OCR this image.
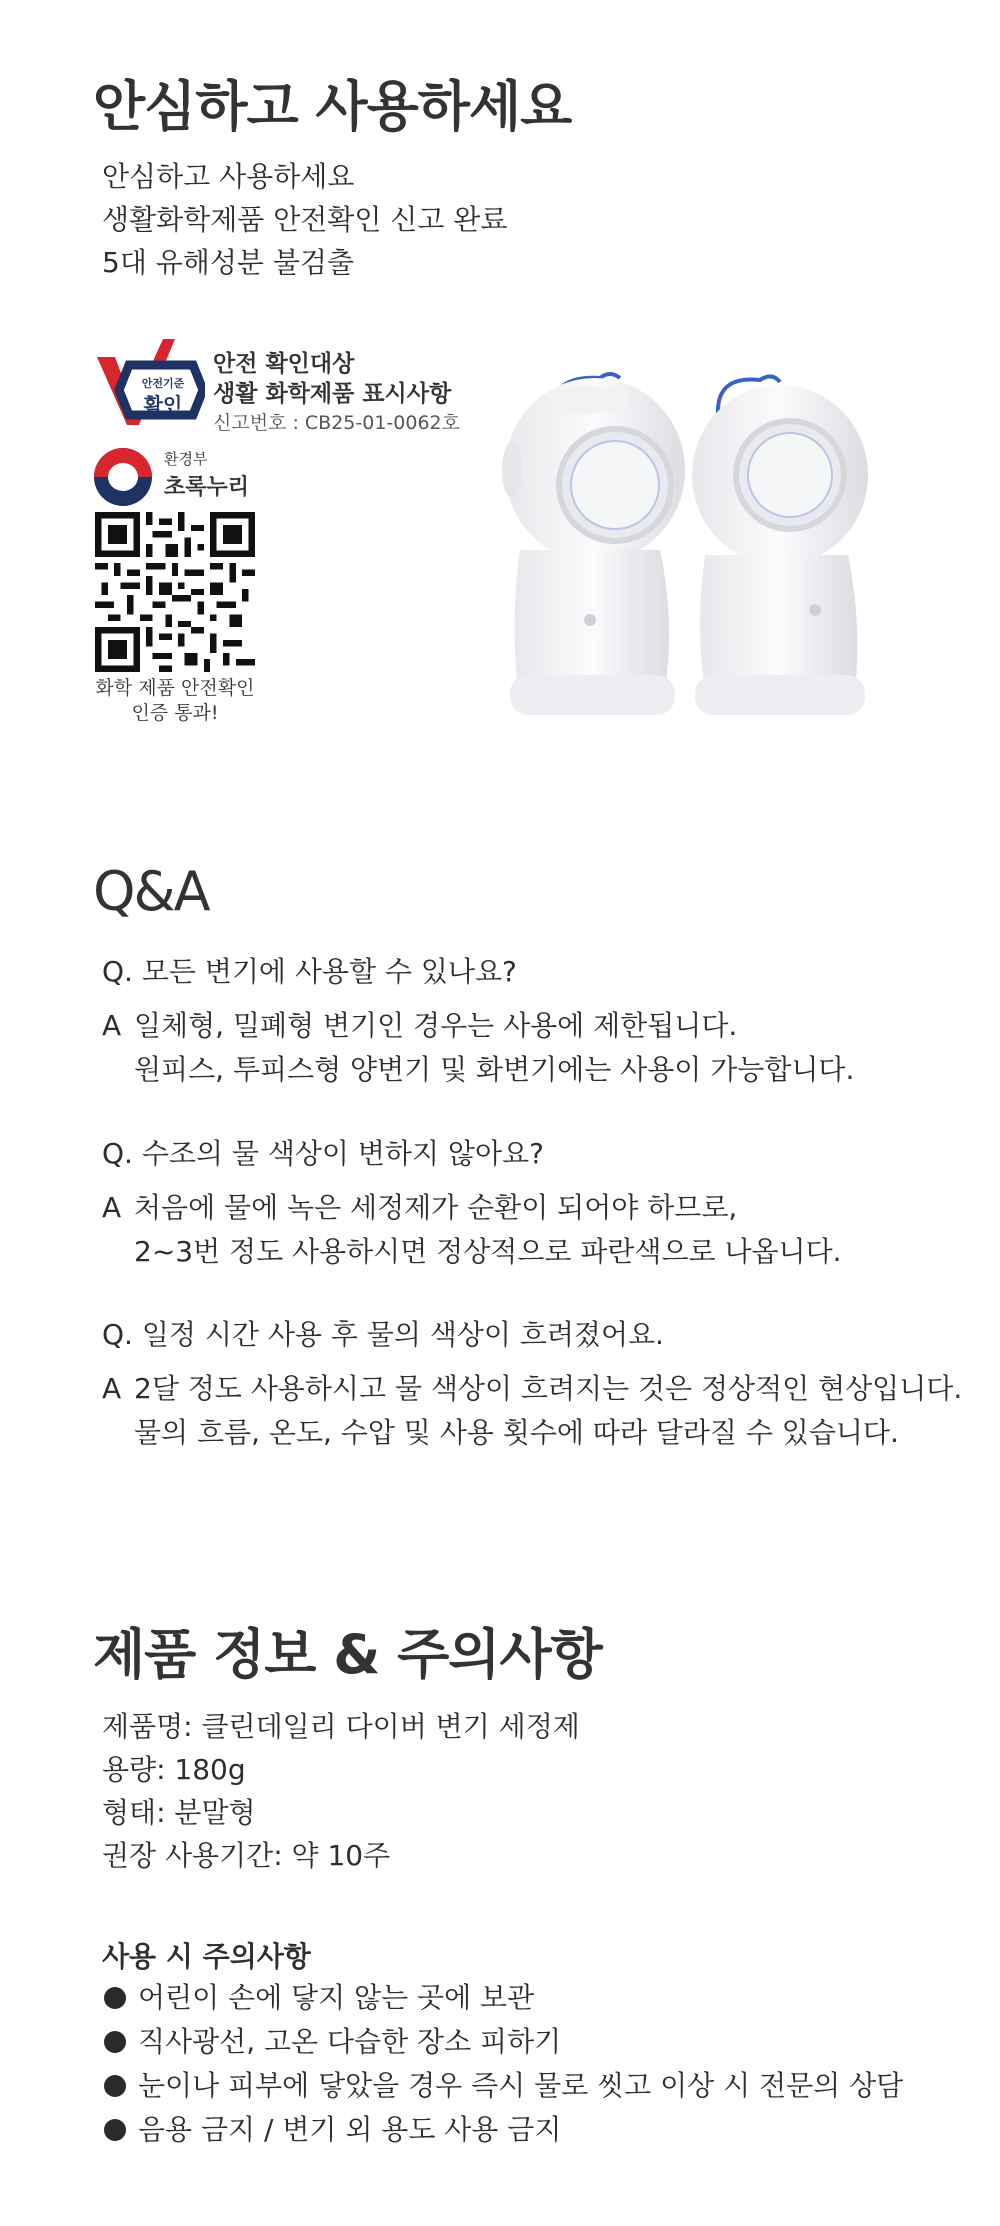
안심하고 사용하세요
안심하고 사용하세요
생활화학제품 안전확인 신고 완료
5대 유해성분 불검출
안전기준
확인
안전 확인대상
생활 화학제품 표시사항
신고번호 : CB25-01-0062호
환경부
초록누리
화학 제품 안전확인
인증 통과!
Q&A
Q. 모든 변기에 사용할 수 있나요?
A 일체형, 밀폐형 변기인 경우는 사용에 제한됩니다.
원피스, 투피스형 양변기 및 화변기에는 사용이 가능합니다.
Q. 수조의 물 색상이 변하지 않아요?
A 처음에 물에 녹은 세정제가 순환이 되어야 하므로,
2~3번 정도 사용하시면 정상적으로 파란색으로 나옵니다.
Q. 일정 시간 사용 후 물의 색상이 흐려졌어요.
A 2달 정도 사용하시고 물 색상이 흐려지는 것은 정상적인 현상입니다.
물의 흐름, 온도, 수압 및 사용 횟수에 따라 달라질 수 있습니다.
제품 정보 & 주의사항
제품명: 클린데일리 다이버 변기 세정제
용량: 180g
형태: 분말형
권장 사용기간: 약 10주
사용 시 주의사항
어린이 손에 닿지 않는 곳에 보관
직사광선, 고온 다습한 장소 피하기
눈이나 피부에 닿았을 경우 즉시 물로 씻고 이상 시 전문의 상담
음용 금지 / 변기 외 용도 사용 금지
